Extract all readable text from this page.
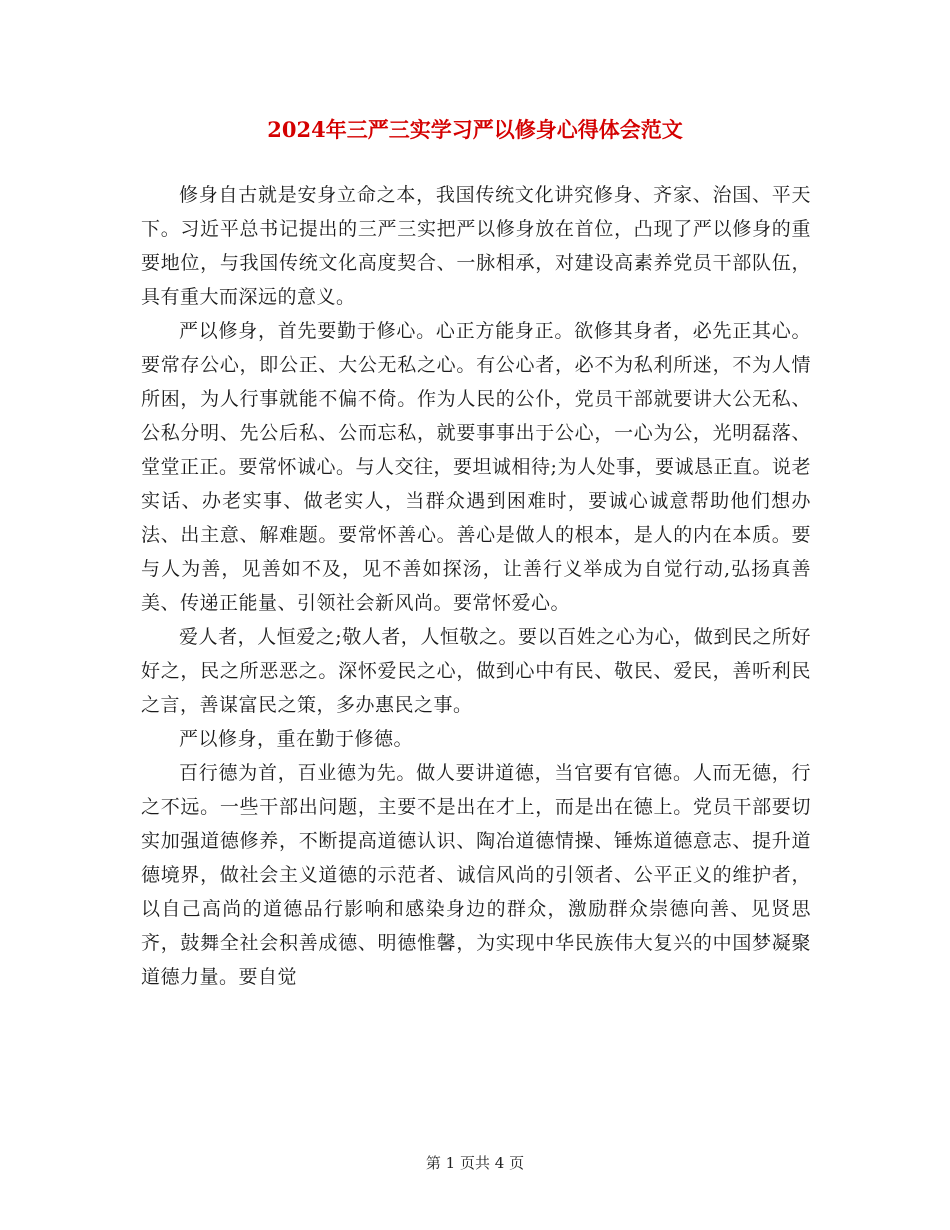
2024年三严三实学习严以修身心得体会范文

修身自古就是安身立命之本，我国传统文化讲究修身、齐家、治国、平天下。习近平总书记提出的三严三实把严以修身放在首位，凸现了严以修身的重要地位，与我国传统文化高度契合、一脉相承，对建设高素养党员干部队伍，具有重大而深远的意义。

严以修身，首先要勤于修心。心正方能身正。欲修其身者，必先正其心。要常存公心，即公正、大公无私之心。有公心者，必不为私利所迷，不为人情所困，为人行事就能不偏不倚。作为人民的公仆，党员干部就要讲大公无私、公私分明、先公后私、公而忘私，就要事事出于公心，一心为公，光明磊落、堂堂正正。要常怀诚心。与人交往，要坦诚相待;为人处事，要诚恳正直。说老实话、办老实事、做老实人，当群众遇到困难时，要诚心诚意帮助他们想办法、出主意、解难题。要常怀善心。善心是做人的根本，是人的内在本质。要与人为善，见善如不及，见不善如探汤，让善行义举成为自觉行动,弘扬真善美、传递正能量、引领社会新风尚。要常怀爱心。

爱人者，人恒爱之;敬人者，人恒敬之。要以百姓之心为心，做到民之所好好之，民之所恶恶之。深怀爱民之心，做到心中有民、敬民、爱民，善听利民之言，善谋富民之策，多办惠民之事。

严以修身，重在勤于修德。

百行德为首，百业德为先。做人要讲道德，当官要有官德。人而无德，行之不远。一些干部出问题，主要不是出在才上，而是出在德上。党员干部要切实加强道德修养，不断提高道德认识、陶冶道德情操、锤炼道德意志、提升道德境界，做社会主义道德的示范者、诚信风尚的引领者、公平正义的维护者，以自己高尚的道德品行影响和感染身边的群众，激励群众崇德向善、见贤思齐，鼓舞全社会积善成德、明德惟馨，为实现中华民族伟大复兴的中国梦凝聚道德力量。要自觉

第 1 页共 4 页
